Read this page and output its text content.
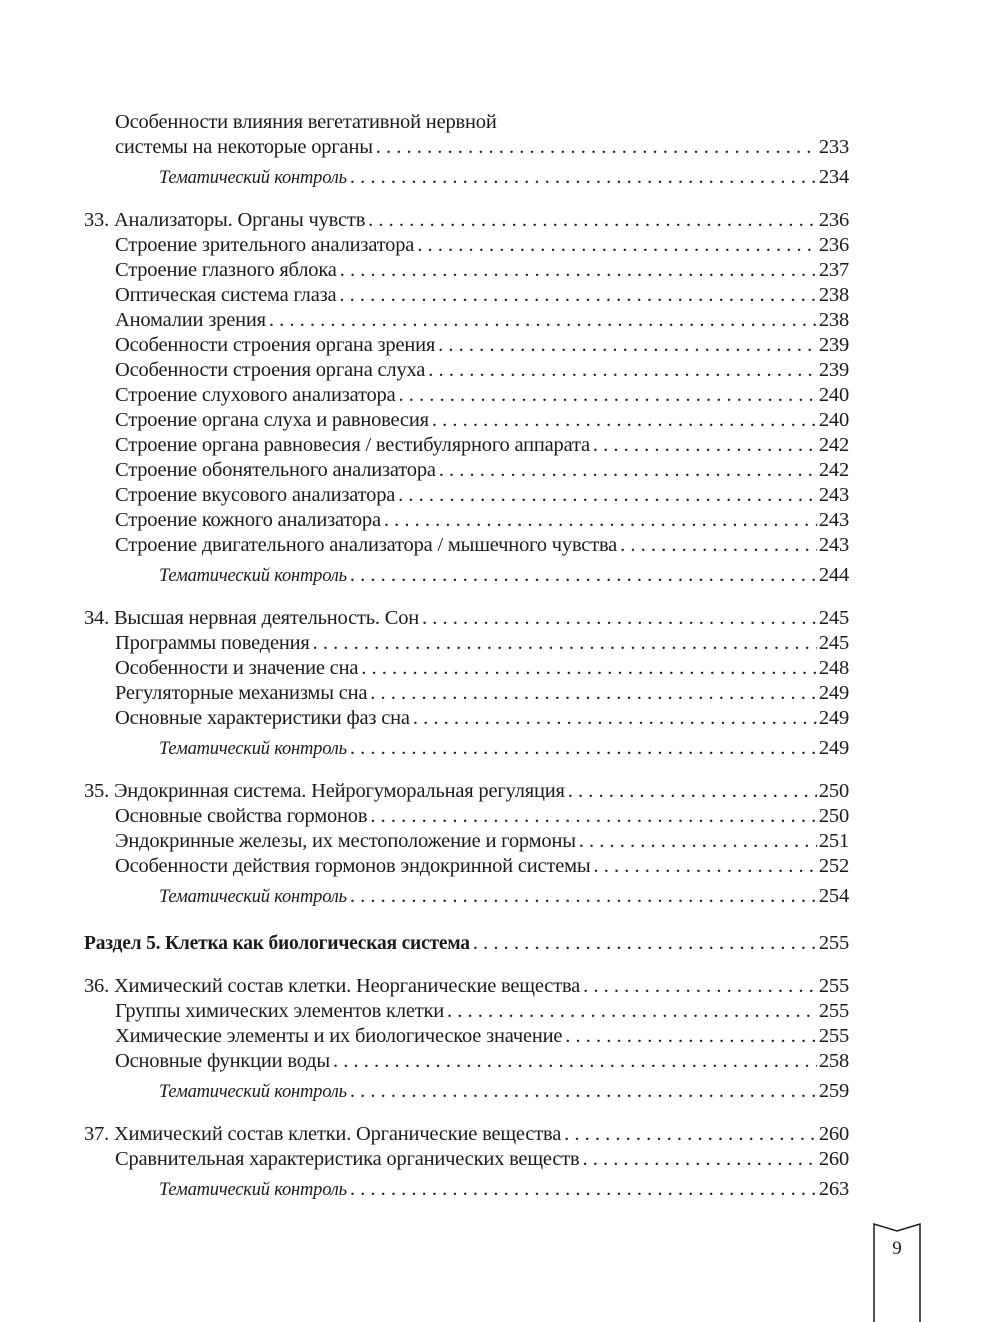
Особенности влияния вегетативной нервной
системы на некоторые органы . . .	233
Тематический контроль . . .	234
33. Анализаторы. Органы чувств . . .	236
Строение зрительного анализатора . . .	236
Строение глазного яблока . . .	237
Оптическая система глаза . . .	238
Аномалии зрения . . .	238
Особенности строения органа зрения . . .	239
Особенности строения органа слуха . . .	239
Строение слухового анализатора . . .	240
Строение органа слуха и равновесия . . .	240
Строение органа равновесия / вестибулярного аппарата . . .	242
Строение обонятельного анализатора . . .	242
Строение вкусового анализатора . . .	243
Строение кожного анализатора . . .	243
Строение двигательного анализатора / мышечного чувства . . .	243
Тематический контроль . . .	244
34. Высшая нервная деятельность. Сон . . .	245
Программы поведения . . .	245
Особенности и значение сна . . .	248
Регуляторные механизмы сна . . .	249
Основные характеристики фаз сна . . .	249
Тематический контроль . . .	249
35. Эндокринная система. Нейрогуморальная регуляция . . .	250
Основные свойства гормонов . . .	250
Эндокринные железы, их местоположение и гормоны . . .	251
Особенности действия гормонов эндокринной системы . . .	252
Тематический контроль . . .	254
Раздел 5. Клетка как биологическая система . . .	255
36. Химический состав клетки. Неорганические вещества . . .	255
Группы химических элементов клетки . . .	255
Химические элементы и их биологическое значение . . .	255
Основные функции воды . . .	258
Тематический контроль . . .	259
37. Химический состав клетки. Органические вещества . . .	260
Сравнительная характеристика органических веществ . . .	260
Тематический контроль . . .	263
9
